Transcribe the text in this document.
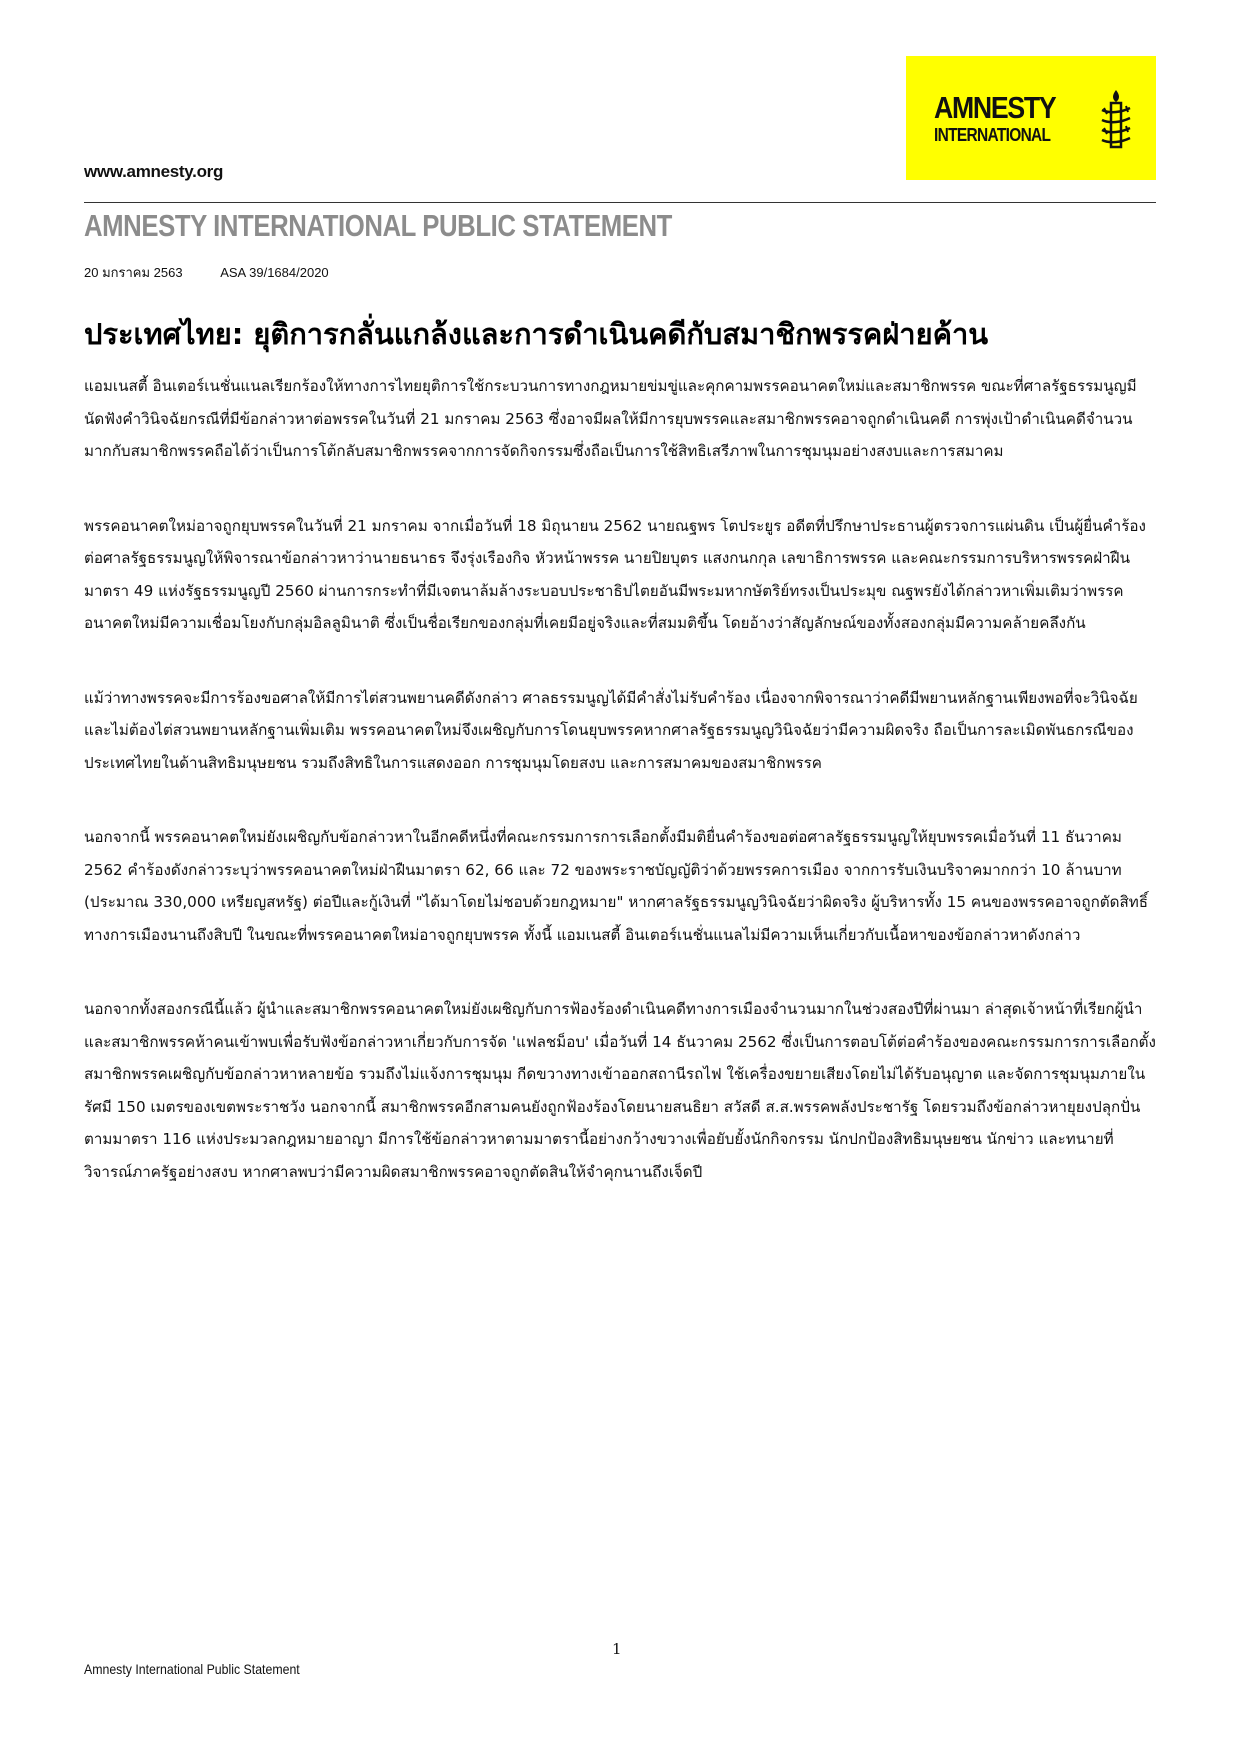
www.amnesty.org
AMNESTY
INTERNATIONAL
AMNESTY INTERNATIONAL PUBLIC STATEMENT
20 มกราคม 2563	ASA 39/1684/2020
ประเทศไทย: ยุติการกลั่นแกล้งและการดำเนินคดีกับสมาชิกพรรคฝ่ายค้าน

แอมเนสตี้ อินเตอร์เนชั่นแนลเรียกร้องให้ทางการไทยยุติการใช้กระบวนการทางกฎหมายข่มขู่และคุกคามพรรคอนาคตใหม่และสมาชิกพรรค ขณะที่ศาลรัฐธรรมนูญมีนัดฟังคำวินิจฉัยกรณีที่มีข้อกล่าวหาต่อพรรคในวันที่ 21 มกราคม 2563 ซึ่งอาจมีผลให้มีการยุบพรรคและสมาชิกพรรคอาจถูกดำเนินคดี การพุ่งเป้าดำเนินคดีจำนวนมากกับสมาชิกพรรคถือได้ว่าเป็นการโต้กลับสมาชิกพรรคจากการจัดกิจกรรมซึ่งถือเป็นการใช้สิทธิเสรีภาพในการชุมนุมอย่างสงบและการสมาคม

พรรคอนาคตใหม่อาจถูกยุบพรรคในวันที่ 21 มกราคม จากเมื่อวันที่ 18 มิถุนายน 2562 นายณฐพร โตประยูร อดีตที่ปรึกษาประธานผู้ตรวจการแผ่นดิน เป็นผู้ยื่นคำร้องต่อศาลรัฐธรรมนูญให้พิจารณาข้อกล่าวหาว่านายธนาธร จึงรุ่งเรืองกิจ หัวหน้าพรรค นายปิยบุตร แสงกนกกุล เลขาธิการพรรค และคณะกรรมการบริหารพรรคฝ่าฝืนมาตรา 49 แห่งรัฐธรรมนูญปี 2560 ผ่านการกระทำที่มีเจตนาล้มล้างระบอบประชาธิปไตยอันมีพระมหากษัตริย์ทรงเป็นประมุข ณฐพรยังได้กล่าวหาเพิ่มเติมว่าพรรคอนาคตใหม่มีความเชื่อมโยงกับกลุ่มอิลลูมินาติ ซึ่งเป็นชื่อเรียกของกลุ่มที่เคยมีอยู่จริงและที่สมมติขึ้น โดยอ้างว่าสัญลักษณ์ของทั้งสองกลุ่มมีความคล้ายคลึงกัน

แม้ว่าทางพรรคจะมีการร้องขอศาลให้มีการไต่สวนพยานคดีดังกล่าว ศาลธรรมนูญได้มีคำสั่งไม่รับคำร้อง เนื่องจากพิจารณาว่าคดีมีพยานหลักฐานเพียงพอที่จะวินิจฉัยและไม่ต้องไต่สวนพยานหลักฐานเพิ่มเติม พรรคอนาคตใหม่จึงเผชิญกับการโดนยุบพรรคหากศาลรัฐธรรมนูญวินิจฉัยว่ามีความผิดจริง ถือเป็นการละเมิดพันธกรณีของประเทศไทยในด้านสิทธิมนุษยชน รวมถึงสิทธิในการแสดงออก การชุมนุมโดยสงบ และการสมาคมของสมาชิกพรรค

นอกจากนี้ พรรคอนาคตใหม่ยังเผชิญกับข้อกล่าวหาในอีกคดีหนึ่งที่คณะกรรมการการเลือกตั้งมีมติยื่นคำร้องขอต่อศาลรัฐธรรมนูญให้ยุบพรรคเมื่อวันที่ 11 ธันวาคม 2562 คำร้องดังกล่าวระบุว่าพรรคอนาคตใหม่ฝ่าฝืนมาตรา 62, 66 และ 72 ของพระราชบัญญัติว่าด้วยพรรคการเมือง จากการรับเงินบริจาคมากกว่า 10 ล้านบาท (ประมาณ 330,000 เหรียญสหรัฐ) ต่อปีและกู้เงินที่ "ได้มาโดยไม่ชอบด้วยกฎหมาย" หากศาลรัฐธรรมนูญวินิจฉัยว่าผิดจริง ผู้บริหารทั้ง 15 คนของพรรคอาจถูกตัดสิทธิ์ทางการเมืองนานถึงสิบปี ในขณะที่พรรคอนาคตใหม่อาจถูกยุบพรรค ทั้งนี้ แอมเนสตี้ อินเตอร์เนชั่นแนลไม่มีความเห็นเกี่ยวกับเนื้อหาของข้อกล่าวหาดังกล่าว

นอกจากทั้งสองกรณีนี้แล้ว ผู้นำและสมาชิกพรรคอนาคตใหม่ยังเผชิญกับการฟ้องร้องดำเนินคดีทางการเมืองจำนวนมากในช่วงสองปีที่ผ่านมา ล่าสุดเจ้าหน้าที่เรียกผู้นำและสมาชิกพรรคห้าคนเข้าพบเพื่อรับฟังข้อกล่าวหาเกี่ยวกับการจัด 'แฟลชม็อบ' เมื่อวันที่ 14 ธันวาคม 2562 ซึ่งเป็นการตอบโต้ต่อคำร้องของคณะกรรมการการเลือกตั้ง สมาชิกพรรคเผชิญกับข้อกล่าวหาหลายข้อ รวมถึงไม่แจ้งการชุมนุม กีดขวางทางเข้าออกสถานีรถไฟ ใช้เครื่องขยายเสียงโดยไม่ได้รับอนุญาต และจัดการชุมนุมภายในรัศมี 150 เมตรของเขตพระราชวัง นอกจากนี้ สมาชิกพรรคอีกสามคนยังถูกฟ้องร้องโดยนายสนธิยา สวัสดี ส.ส.พรรคพลังประชารัฐ โดยรวมถึงข้อกล่าวหายุยงปลุกปั่นตามมาตรา 116 แห่งประมวลกฎหมายอาญา มีการใช้ข้อกล่าวหาตามมาตรานี้อย่างกว้างขวางเพื่อยับยั้งนักกิจกรรม นักปกป้องสิทธิมนุษยชน นักข่าว และทนายที่วิจารณ์ภาครัฐอย่างสงบ หากศาลพบว่ามีความผิดสมาชิกพรรคอาจถูกตัดสินให้จำคุกนานถึงเจ็ดปี

1
Amnesty International Public Statement
